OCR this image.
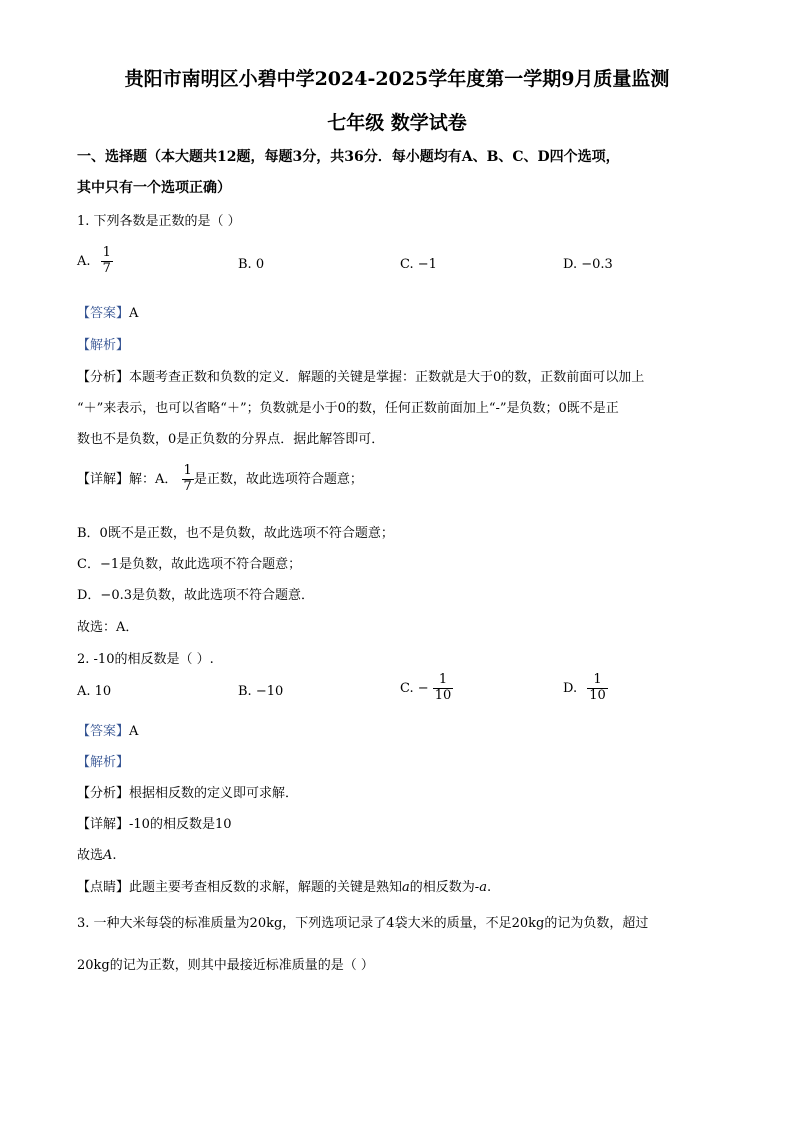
贵阳市南明区小碧中学2024-2025学年度第一学期9月质量监测
七年级 数学试卷
一、选择题（本大题共12题，每题3分，共36分．每小题均有A、B、C、D四个选项，
其中只有一个选项正确）
1. 下列各数是正数的是（ ）
A. $\frac{1}{7}$	B. 0	C. −1	D. −0.3
【答案】A
【解析】
【分析】本题考查正数和负数的定义．解题的关键是掌握：正数就是大于0的数，正数前面可以加上
“＋”来表示，也可以省略“＋”；负数就是小于0的数，任何正数前面加上“-”是负数；0既不是正
数也不是负数，0是正负数的分界点．据此解答即可．
【详解】解：A． $\frac{1}{7}$ 是正数，故此选项符合题意；
B．0既不是正数，也不是负数，故此选项不符合题意；
C．−1是负数，故此选项不符合题意；
D．−0.3是负数，故此选项不符合题意．
故选：A．
2. -10的相反数是（ ）.
A. 10	B. −10	C. − $\frac{1}{10}$	D. $\frac{1}{10}$
【答案】A
【解析】
【分析】根据相反数的定义即可求解．
【详解】-10的相反数是10
故选A.
【点睛】此题主要考查相反数的求解，解题的关键是熟知a的相反数为-a.
3. 一种大米每袋的标准质量为20kg，下列选项记录了4袋大米的质量，不足20kg的记为负数，超过
20kg的记为正数，则其中最接近标准质量的是（ ）
